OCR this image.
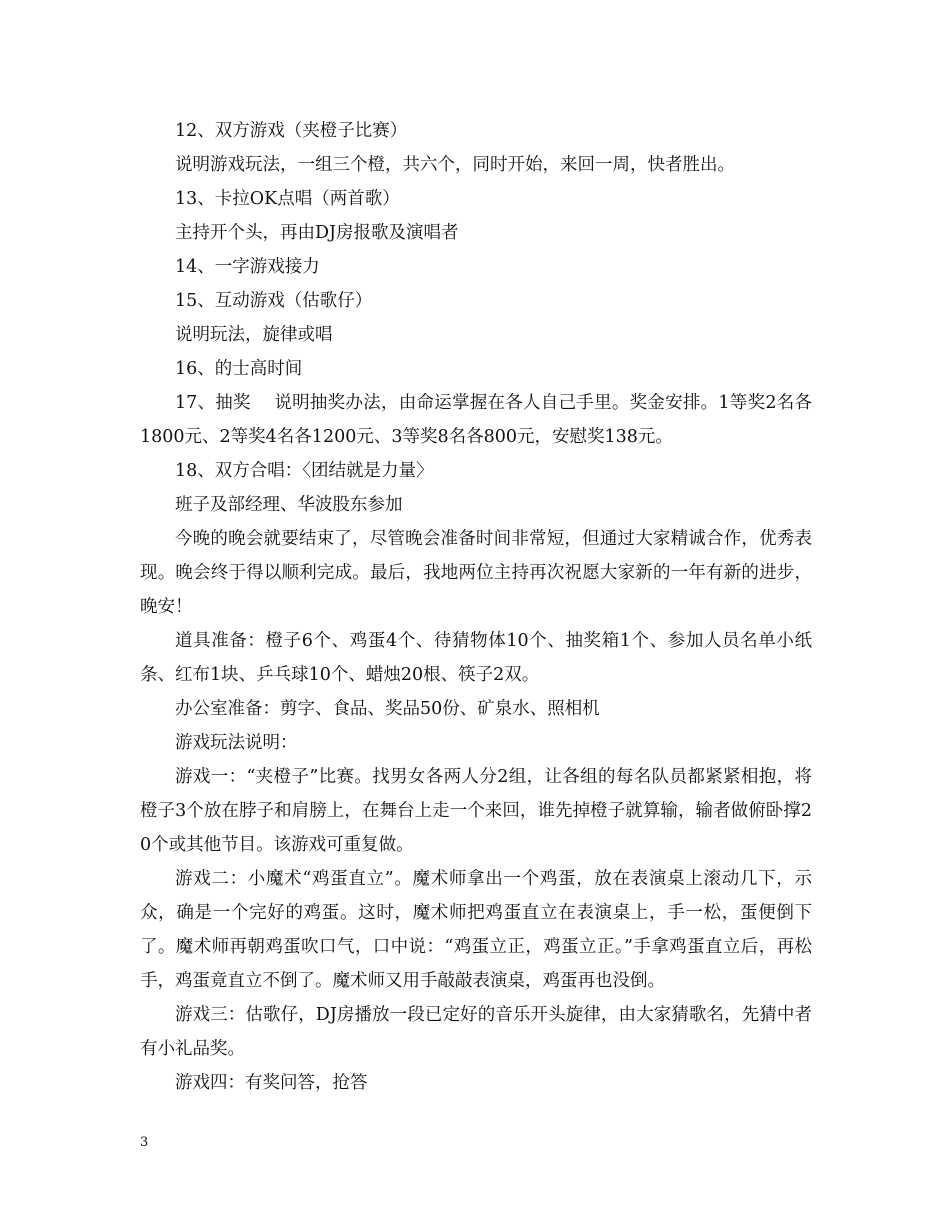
12、双方游戏（夹橙子比赛）

说明游戏玩法，一组三个橙，共六个，同时开始，来回一周，快者胜出。

13、卡拉OK点唱（两首歌）

主持开个头，再由DJ房报歌及演唱者

14、一字游戏接力

15、互动游戏（估歌仔）

说明玩法，旋律或唱

16、的士高时间

17、抽奖　 说明抽奖办法，由命运掌握在各人自己手里。奖金安排。1等奖2名各1800元、2等奖4名各1200元、3等奖8名各800元，安慰奖138元。

18、双方合唱：〈团结就是力量〉

班子及部经理、华波股东参加

今晚的晚会就要结束了，尽管晚会准备时间非常短，但通过大家精诚合作，优秀表现。晚会终于得以顺利完成。最后，我地两位主持再次祝愿大家新的一年有新的进步，晚安！

道具准备：橙子6个、鸡蛋4个、待猜物体10个、抽奖箱1个、参加人员名单小纸条、红布1块、乒乓球10个、蜡烛20根、筷子2双。

办公室准备：剪字、食品、奖品50份、矿泉水、照相机

游戏玩法说明：

游戏一：“夹橙子”比赛。找男女各两人分2组，让各组的每名队员都紧紧相抱，将橙子3个放在脖子和肩膀上，在舞台上走一个来回，谁先掉橙子就算输，输者做俯卧撑20个或其他节目。该游戏可重复做。

游戏二：小魔术“鸡蛋直立”。魔术师拿出一个鸡蛋，放在表演桌上滚动几下，示众，确是一个完好的鸡蛋。这时，魔术师把鸡蛋直立在表演桌上，手一松，蛋便倒下了。魔术师再朝鸡蛋吹口气，口中说：“鸡蛋立正，鸡蛋立正。”手拿鸡蛋直立后，再松手，鸡蛋竟直立不倒了。魔术师又用手敲敲表演桌，鸡蛋再也没倒。

游戏三：估歌仔，DJ房播放一段已定好的音乐开头旋律，由大家猜歌名，先猜中者有小礼品奖。

游戏四：有奖问答，抢答

3
